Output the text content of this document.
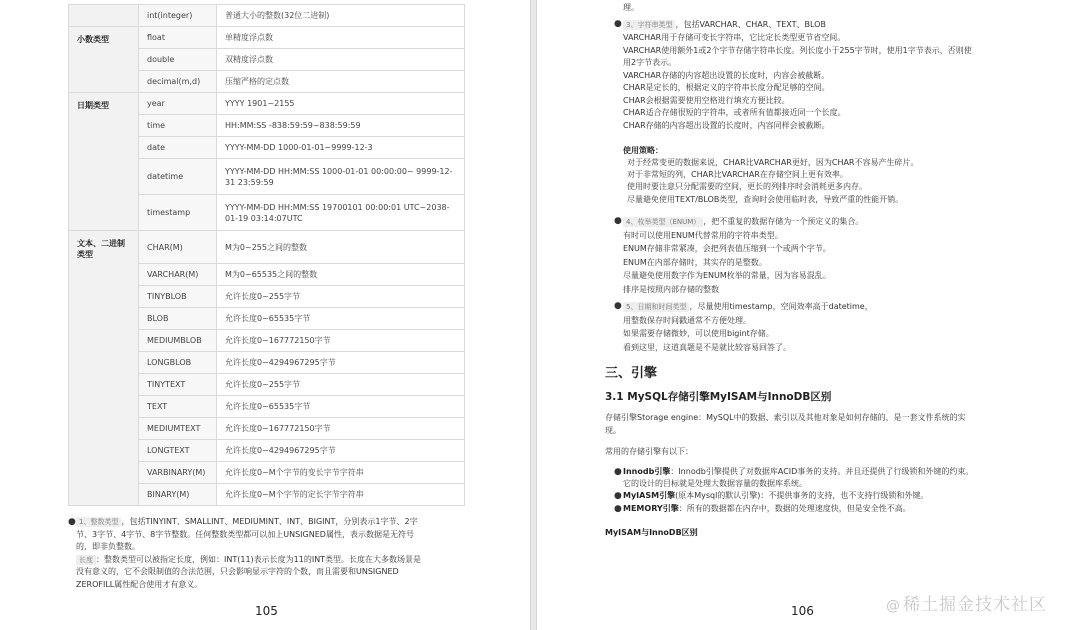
	int(integer)	普通大小的整数(32位二进制)
小数类型	float	单精度浮点数
	double	双精度浮点数
	decimal(m,d)	压缩严格的定点数
日期类型	year	YYYY 1901~2155
	time	HH:MM:SS -838:59:59~838:59:59
	date	YYYY-MM-DD 1000-01-01~9999-12-3
	datetime	YYYY-MM-DD HH:MM:SS 1000-01-01 00:00:00~ 9999-12-31 23:59:59
	timestamp	YYYY-MM-DD HH:MM:SS 19700101 00:00:01 UTC~2038-01-19 03:14:07UTC
文本、二进制类型	CHAR(M)	M为0~255之间的整数
	VARCHAR(M)	M为0~65535之间的整数
	TINYBLOB	允许长度0~255字节
	BLOB	允许长度0~65535字节
	MEDIUMBLOB	允许长度0~167772150字节
	LONGBLOB	允许长度0~4294967295字节
	TINYTEXT	允许长度0~255字节
	TEXT	允许长度0~65535字节
	MEDIUMTEXT	允许长度0~167772150字节
	LONGTEXT	允许长度0~4294967295字节
	VARBINARY(M)	允许长度0~M个字节的变长字节字符串
	BINARY(M)	允许长度0~M个字节的定长字节字符串
● 1、整数类型 ，包括TINYINT、SMALLINT、MEDIUMINT、INT、BIGINT，分别表示1字节、2字
节、3字节、4字节、8字节整数。任何整数类型都可以加上UNSIGNED属性，表示数据是无符号
的，即非负整数。
长度 ：整数类型可以被指定长度，例如：INT(11)表示长度为11的INT类型。长度在大多数场景是
没有意义的，它不会限制值的合法范围，只会影响显示字符的个数，而且需要和UNSIGNED
ZEROFILL属性配合使用才有意义。
105
理。
● 3、字符串类型 ，包括VARCHAR、CHAR、TEXT、BLOB
VARCHAR用于存储可变长字符串，它比定长类型更节省空间。
VARCHAR使用额外1或2个字节存储字符串长度。列长度小于255字节时，使用1字节表示，否则使
用2字节表示。
VARCHAR存储的内容超出设置的长度时，内容会被截断。
CHAR是定长的，根据定义的字符串长度分配足够的空间。
CHAR会根据需要使用空格进行填充方便比较。
CHAR适合存储很短的字符串，或者所有值都接近同一个长度。
CHAR存储的内容超出设置的长度时，内容同样会被截断。
使用策略：
对于经常变更的数据来说，CHAR比VARCHAR更好，因为CHAR不容易产生碎片。
对于非常短的列，CHAR比VARCHAR在存储空间上更有效率。
使用时要注意只分配需要的空间，更长的列排序时会消耗更多内存。
尽量避免使用TEXT/BLOB类型，查询时会使用临时表，导致严重的性能开销。
● 4、枚举类型（ENUM） ，把不重复的数据存储为一个预定义的集合。
有时可以使用ENUM代替常用的字符串类型。
ENUM存储非常紧凑，会把列表值压缩到一个或两个字节。
ENUM在内部存储时，其实存的是整数。
尽量避免使用数字作为ENUM枚举的常量，因为容易混乱。
排序是按照内部存储的整数
● 5、日期和时间类型 ，尽量使用timestamp，空间效率高于datetime，
用整数保存时间戳通常不方便处理。
如果需要存储微妙，可以使用bigint存储。
看到这里，这道真题是不是就比较容易回答了。
三、引擎
3.1 MySQL存储引擎MyISAM与InnoDB区别
存储引擎Storage engine：MySQL中的数据、索引以及其他对象是如何存储的，是一套文件系统的实
现。
常用的存储引擎有以下：
● Innodb引擎：Innodb引擎提供了对数据库ACID事务的支持。并且还提供了行级锁和外键的约束。
它的设计的目标就是处理大数据容量的数据库系统。
● MyIASM引擎(原本Mysql的默认引擎)：不提供事务的支持，也不支持行级锁和外键。
● MEMORY引擎：所有的数据都在内存中，数据的处理速度快，但是安全性不高。
MyISAM与InnoDB区别
106	@ 稀土掘金技术社区
